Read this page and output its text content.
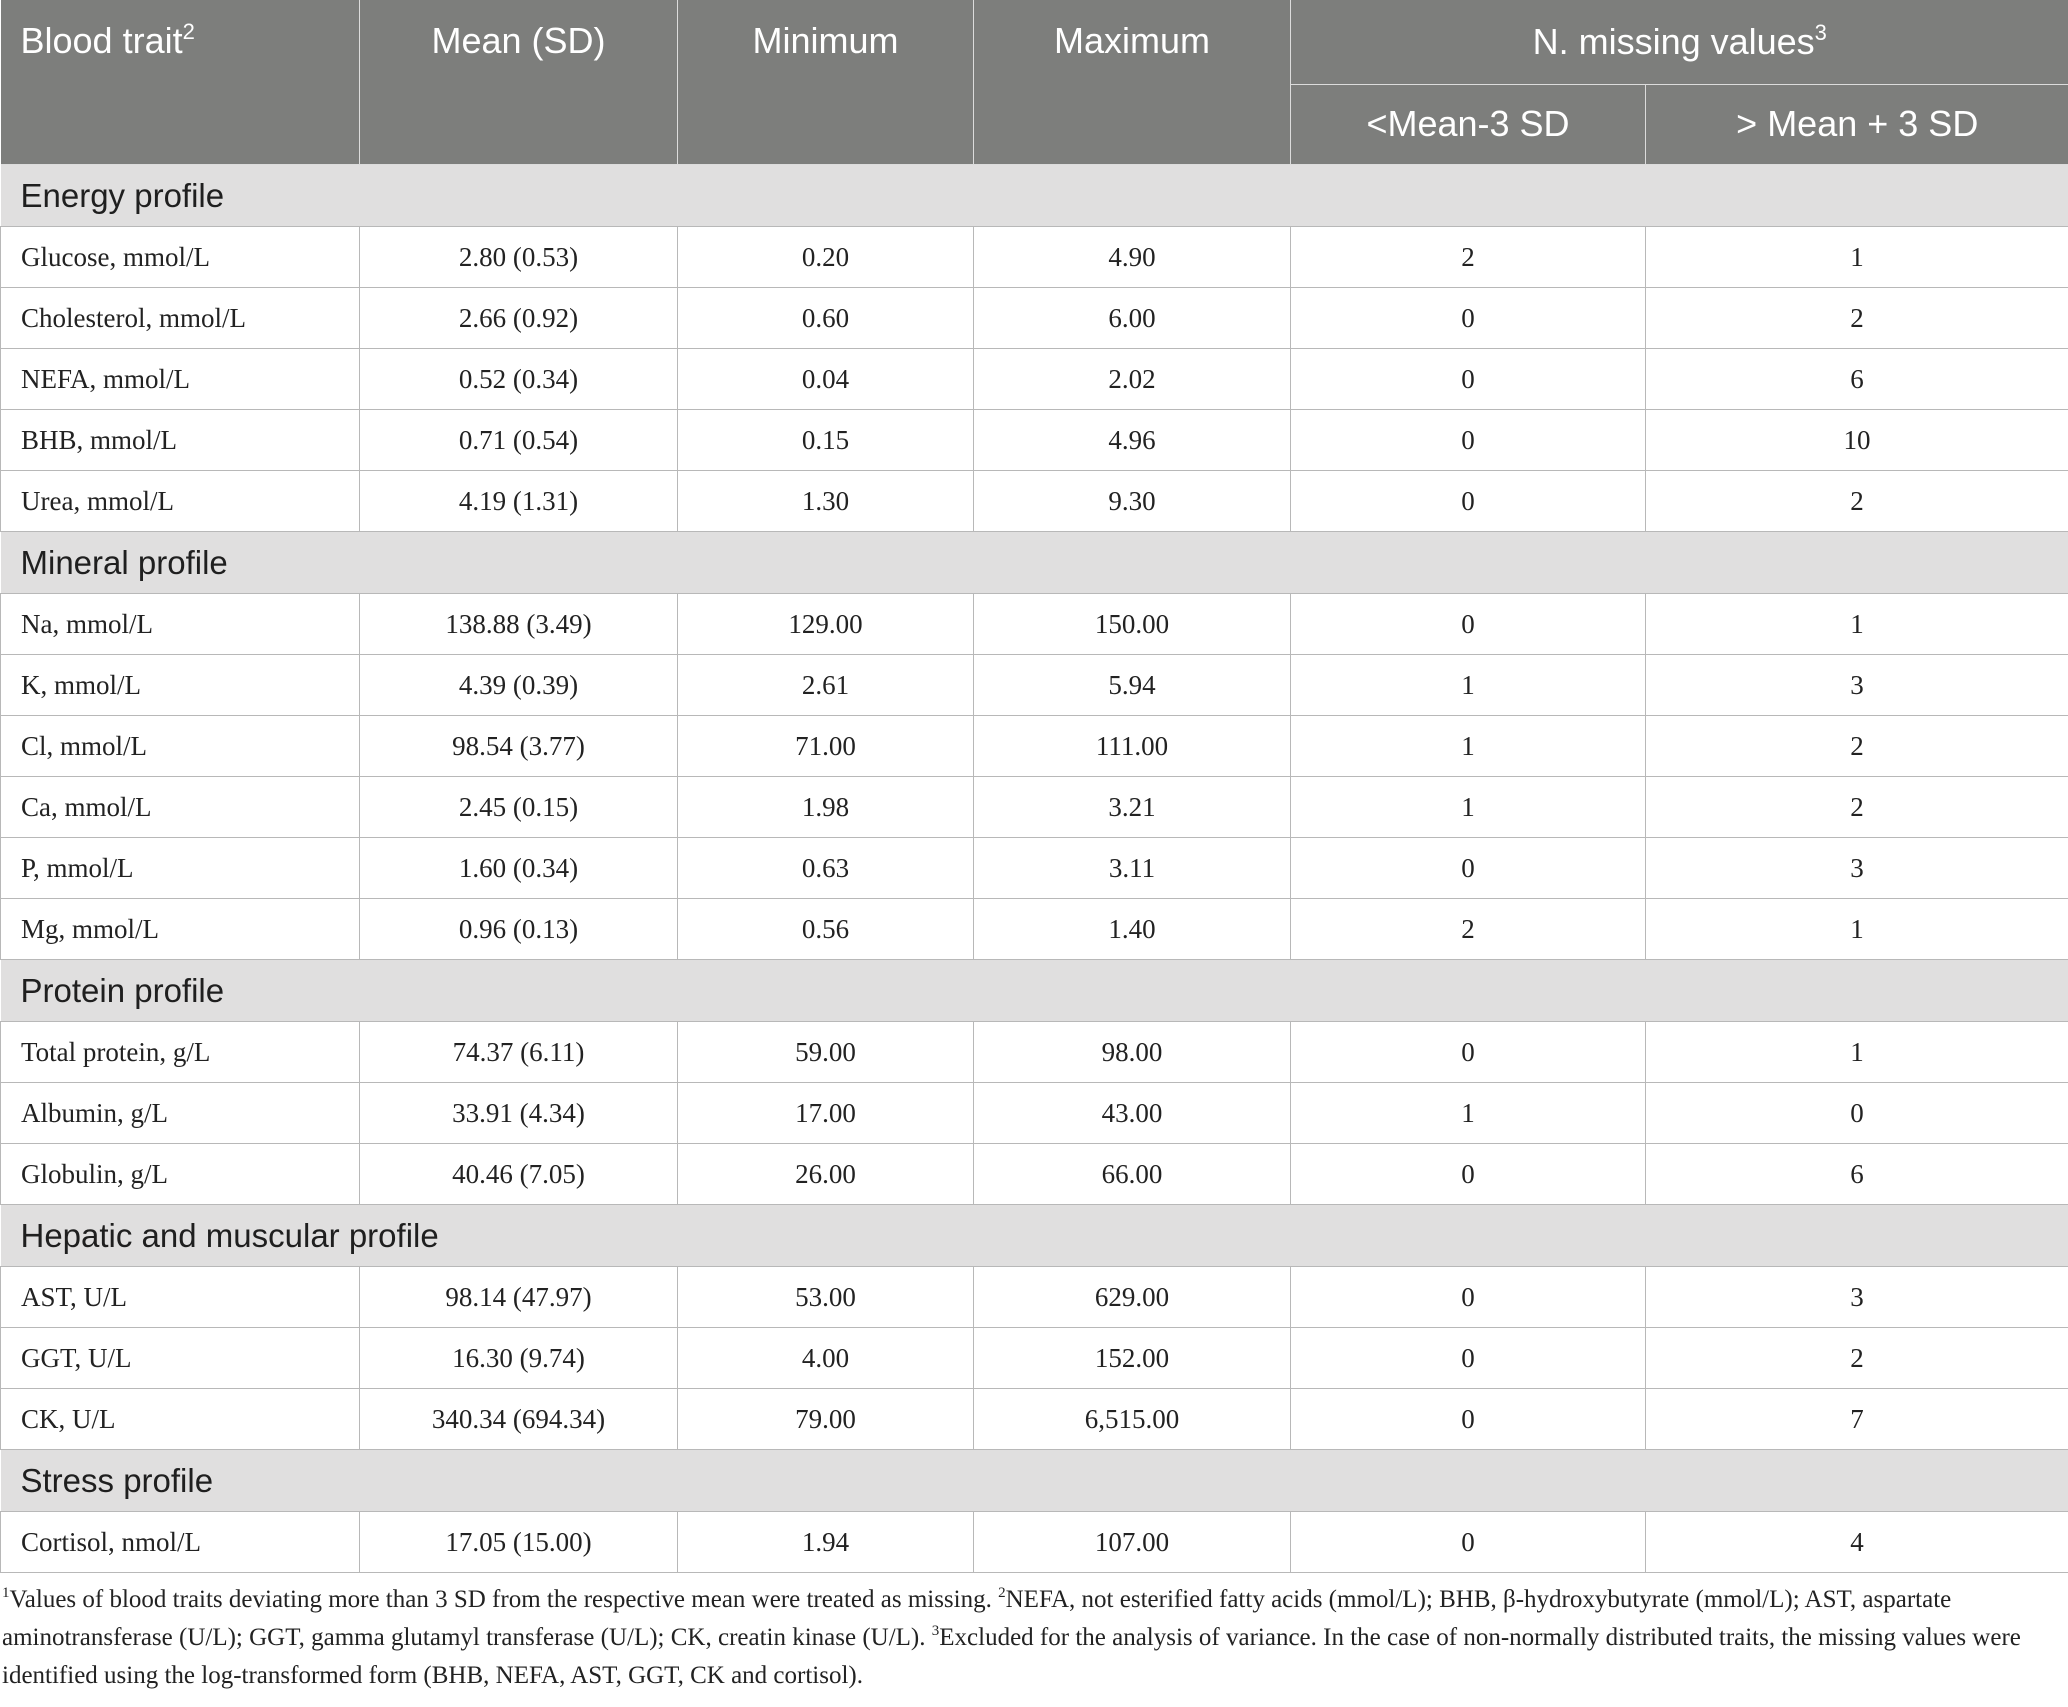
Blood trait$^2$	Mean (SD)	Minimum	Maximum	N. missing values$^3$
				<Mean-3 SD	> Mean + 3 SD
Energy profile					
Glucose, mmol/L	2.80 (0.53)	0.20	4.90	2	1
Cholesterol, mmol/L	2.66 (0.92)	0.60	6.00	0	2
NEFA, mmol/L	0.52 (0.34)	0.04	2.02	0	6
BHB, mmol/L	0.71 (0.54)	0.15	4.96	0	10
Urea, mmol/L	4.19 (1.31)	1.30	9.30	0	2
Mineral profile					
Na, mmol/L	138.88 (3.49)	129.00	150.00	0	1
K, mmol/L	4.39 (0.39)	2.61	5.94	1	3
Cl, mmol/L	98.54 (3.77)	71.00	111.00	1	2
Ca, mmol/L	2.45 (0.15)	1.98	3.21	1	2
P, mmol/L	1.60 (0.34)	0.63	3.11	0	3
Mg, mmol/L	0.96 (0.13)	0.56	1.40	2	1
Protein profile					
Total protein, g/L	74.37 (6.11)	59.00	98.00	0	1
Albumin, g/L	33.91 (4.34)	17.00	43.00	1	0
Globulin, g/L	40.46 (7.05)	26.00	66.00	0	6
Hepatic and muscular profile					
AST, U/L	98.14 (47.97)	53.00	629.00	0	3
GGT, U/L	16.30 (9.74)	4.00	152.00	0	2
CK, U/L	340.34 (694.34)	79.00	6,515.00	0	7
Stress profile					
Cortisol, nmol/L	17.05 (15.00)	1.94	107.00	0	4
$^1$Values of blood traits deviating more than 3 SD from the respective mean were treated as missing. $^2$NEFA, not esterified fatty acids (mmol/L); BHB, β-hydroxybutyrate (mmol/L); AST, aspartate aminotransferase (U/L); GGT, gamma glutamyl transferase (U/L); CK, creatin kinase (U/L). $^3$Excluded for the analysis of variance. In the case of non-normally distributed traits, the missing values were identified using the log-transformed form (BHB, NEFA, AST, GGT, CK and cortisol).
